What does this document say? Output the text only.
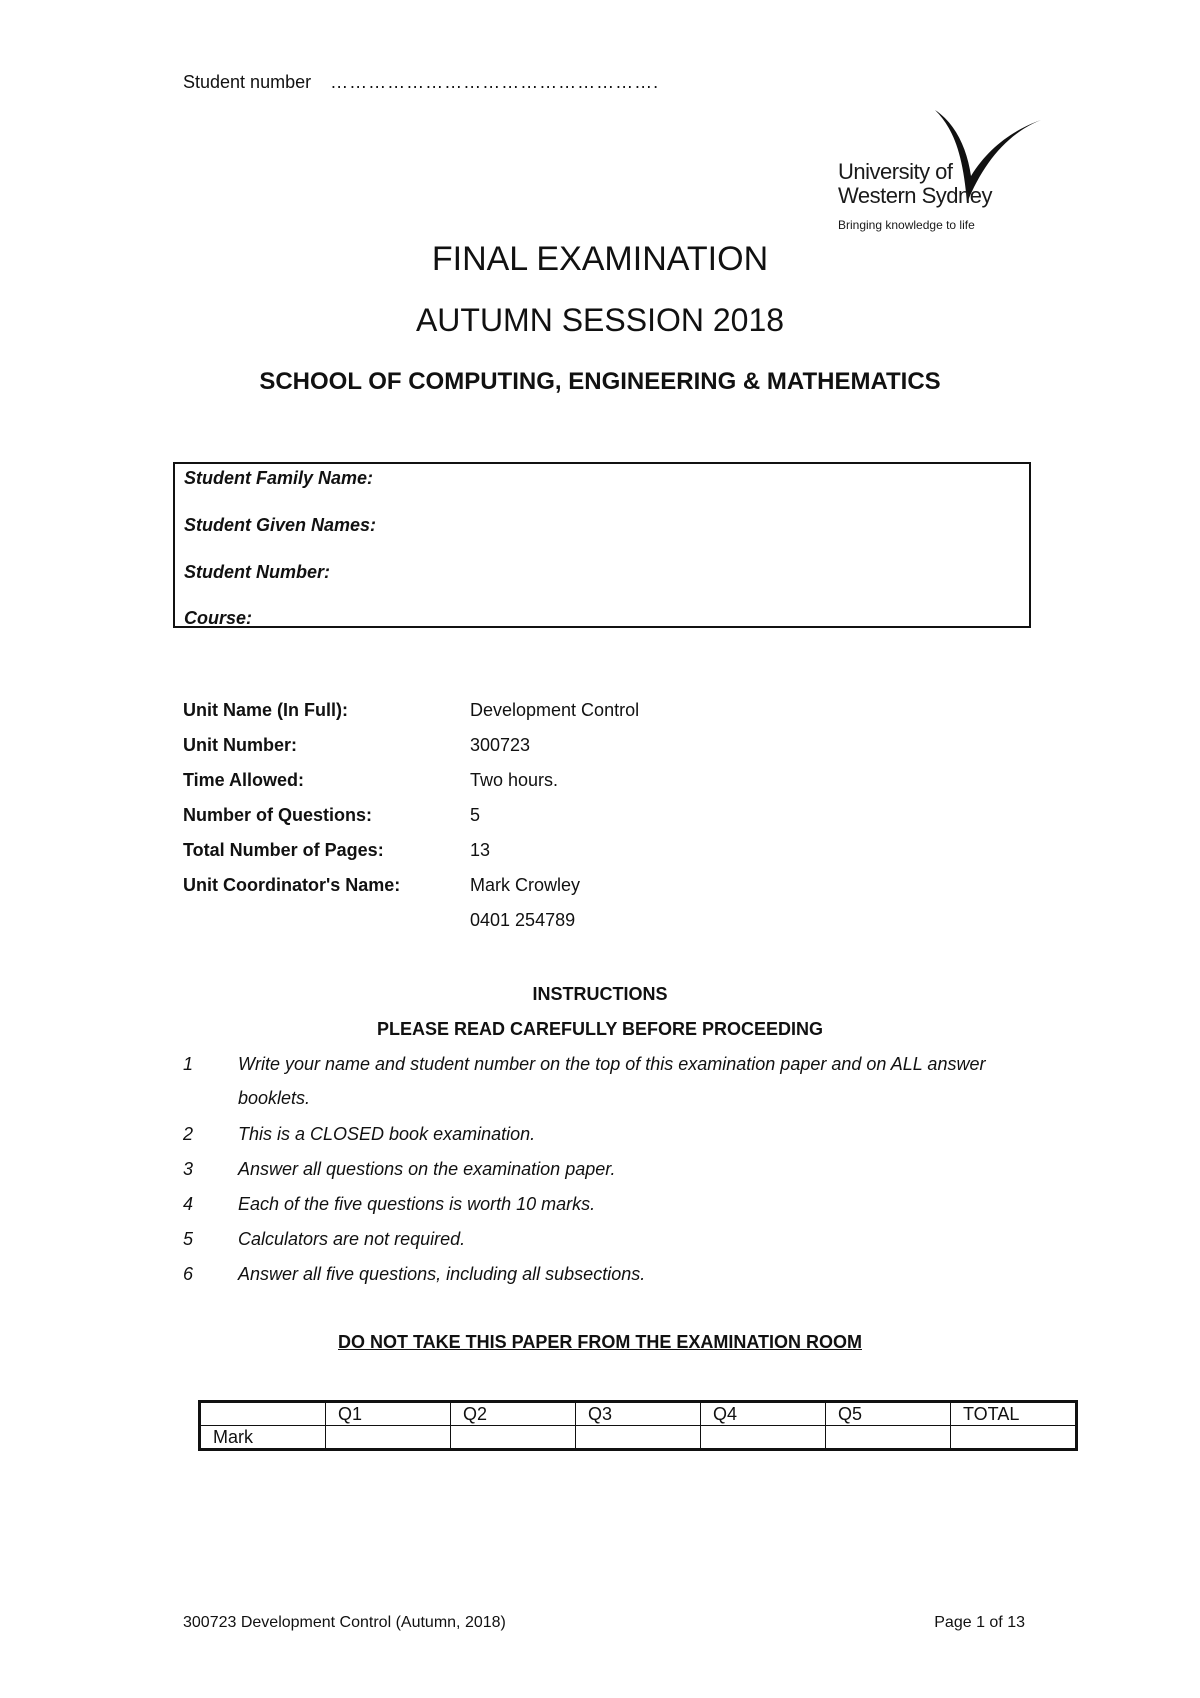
Student number …………………………………………….
University of
Western Sydney
Bringing knowledge to life
FINAL EXAMINATION
AUTUMN SESSION 2018
SCHOOL OF COMPUTING, ENGINEERING & MATHEMATICS
Student Family Name:
Student Given Names:
Student Number:
Course:
Unit Name (In Full):	Development Control
Unit Number:	300723
Time Allowed:	Two hours.
Number of Questions:	5
Total Number of Pages:	13
Unit Coordinator's Name:	Mark Crowley
0401 254789
INSTRUCTIONS
PLEASE READ CAREFULLY BEFORE PROCEEDING
1 Write your name and student number on the top of this examination paper and on ALL answer booklets.
2 This is a CLOSED book examination.
3 Answer all questions on the examination paper.
4 Each of the five questions is worth 10 marks.
5 Calculators are not required.
6 Answer all five questions, including all subsections.
DO NOT TAKE THIS PAPER FROM THE EXAMINATION ROOM
	Q1	Q2	Q3	Q4	Q5	TOTAL
Mark						
300723 Development Control (Autumn, 2018)	Page 1 of 13
